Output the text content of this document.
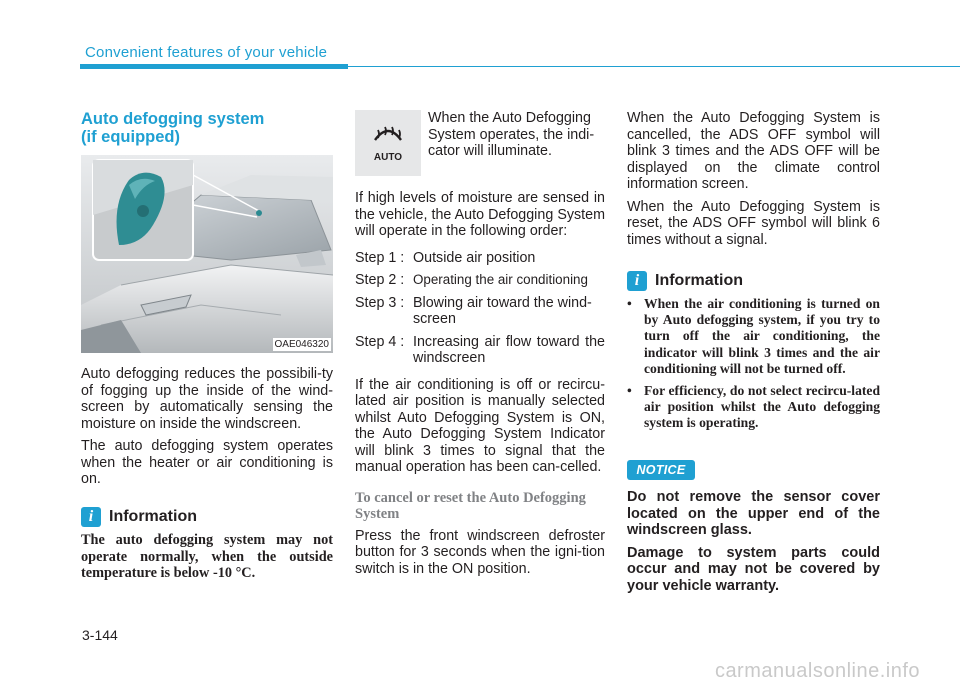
Convenient features of your vehicle
Auto defogging system
(if equipped)
OAE046320

Auto defogging reduces the possibili-ty of fogging up the inside of the wind-screen by automatically sensing the moisture on inside the windscreen.

The auto defogging system operates when the heater or air conditioning is on.

i Information
The auto defogging system may not operate normally, when the outside temperature is below -10 °C.
AUTO

When the Auto Defogging System operates, the indi-cator will illuminate.

If high levels of moisture are sensed in the vehicle, the Auto Defogging System will operate in the following order:

Step 1 : Outside air position
Step 2 : Operating the air conditioning
Step 3 : Blowing air toward the wind-screen
Step 4 : Increasing air flow toward the windscreen

If the air conditioning is off or recircu-lated air position is manually selected whilst Auto Defogging System is ON, the Auto Defogging System Indicator will blink 3 times to signal that the manual operation has been can-celled.

To cancel or reset the Auto Defogging System

Press the front windscreen defroster button for 3 seconds when the igni-tion switch is in the ON position.

When the Auto Defogging System is cancelled, the ADS OFF symbol will blink 3 times and the ADS OFF will be displayed on the climate control information screen.

When the Auto Defogging System is reset, the ADS OFF symbol will blink 6 times without a signal.

i Information
• When the air conditioning is turned on by Auto defogging system, if you try to turn off the air conditioning, the indicator will blink 3 times and the air conditioning will not be turned off.
• For efficiency, do not select recircu-lated air position whilst the Auto defogging system is operating.
NOTICE

Do not remove the sensor cover located on the upper end of the windscreen glass.

Damage to system parts could occur and may not be covered by your vehicle warranty.

3-144
carmanualsonline.info
